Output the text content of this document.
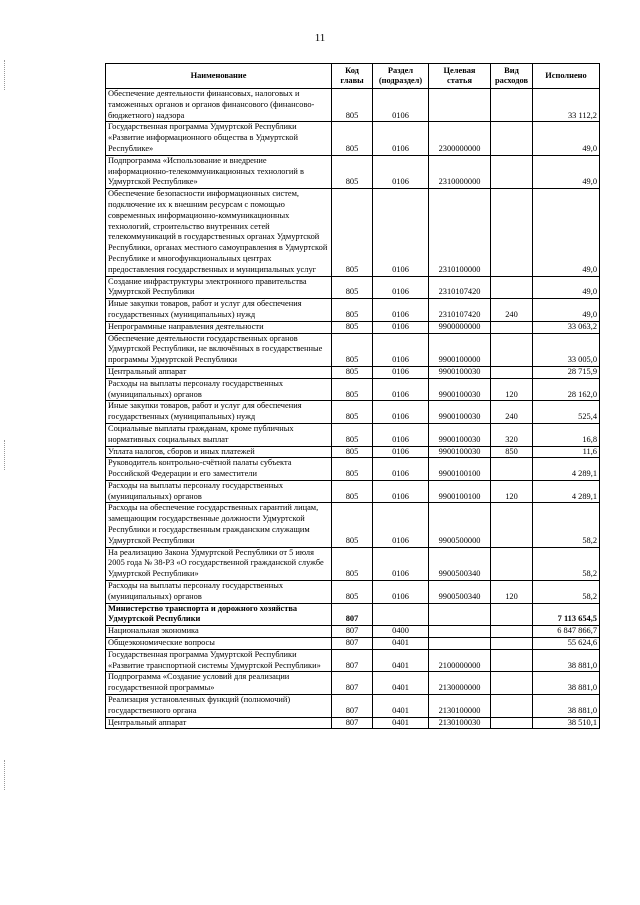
11
Наименование	Код главы	Раздел (подраздел)	Целевая статья	Вид расходов	Исполнено
Обеспечение деятельности финансовых, налоговых и таможенных органов и органов финансового (финансово-бюджетного) надзора	805	0106			33 112,2
Государственная программа Удмуртской Республики «Развитие информационного общества в Удмуртской Республике»	805	0106	2300000000		49,0
Подпрограмма «Использование и внедрение информационно-телекоммуникационных технологий в Удмуртской Республике»	805	0106	2310000000		49,0
Обеспечение безопасности информационных систем, подключение их к внешним ресурсам с помощью современных информационно-коммуникационных технологий, строительство внутренних сетей телекоммуникаций в государственных органах Удмуртской Республики, органах местного самоуправления в Удмуртской Республике и многофункциональных центрах предоставления государственных и муниципальных услуг	805	0106	2310100000		49,0
Создание инфраструктуры электронного правительства Удмуртской Республики	805	0106	2310107420		49,0
Иные закупки товаров, работ и услуг для обеспечения государственных (муниципальных) нужд	805	0106	2310107420	240	49,0
Непрограммные направления деятельности	805	0106	9900000000		33 063,2
Обеспечение деятельности государственных органов Удмуртской Республики, не включённых в государственные программы Удмуртской Республики	805	0106	9900100000		33 005,0
Центральный аппарат	805	0106	9900100030		28 715,9
Расходы на выплаты персоналу государственных (муниципальных) органов	805	0106	9900100030	120	28 162,0
Иные закупки товаров, работ и услуг для обеспечения государственных (муниципальных) нужд	805	0106	9900100030	240	525,4
Социальные выплаты гражданам, кроме публичных нормативных социальных выплат	805	0106	9900100030	320	16,8
Уплата налогов, сборов и иных платежей	805	0106	9900100030	850	11,6
Руководитель контрольно-счётной палаты субъекта Российской Федерации и его заместители	805	0106	9900100100		4 289,1
Расходы на выплаты персоналу государственных (муниципальных) органов	805	0106	9900100100	120	4 289,1
Расходы на обеспечение государственных гарантий лицам, замещающим государственные должности Удмуртской Республики и государственным гражданским служащим Удмуртской Республики	805	0106	9900500000		58,2
На реализацию Закона Удмуртской Республики от 5 июля 2005 года № 38-РЗ «О государственной гражданской службе Удмуртской Республики»	805	0106	9900500340		58,2
Расходы на выплаты персоналу государственных (муниципальных) органов	805	0106	9900500340	120	58,2
Министерство транспорта и дорожного хозяйства Удмуртской Республики	807				7 113 654,5
Национальная экономика	807	0400			6 847 866,7
Общеэкономические вопросы	807	0401			55 624,6
Государственная программа Удмуртской Республики «Развитие транспортной системы Удмуртской Республики»	807	0401	2100000000		38 881,0
Подпрограмма «Создание условий для реализации государственной программы»	807	0401	2130000000		38 881,0
Реализация установленных функций (полномочий) государственного органа	807	0401	2130100000		38 881,0
Центральный аппарат	807	0401	2130100030		38 510,1
